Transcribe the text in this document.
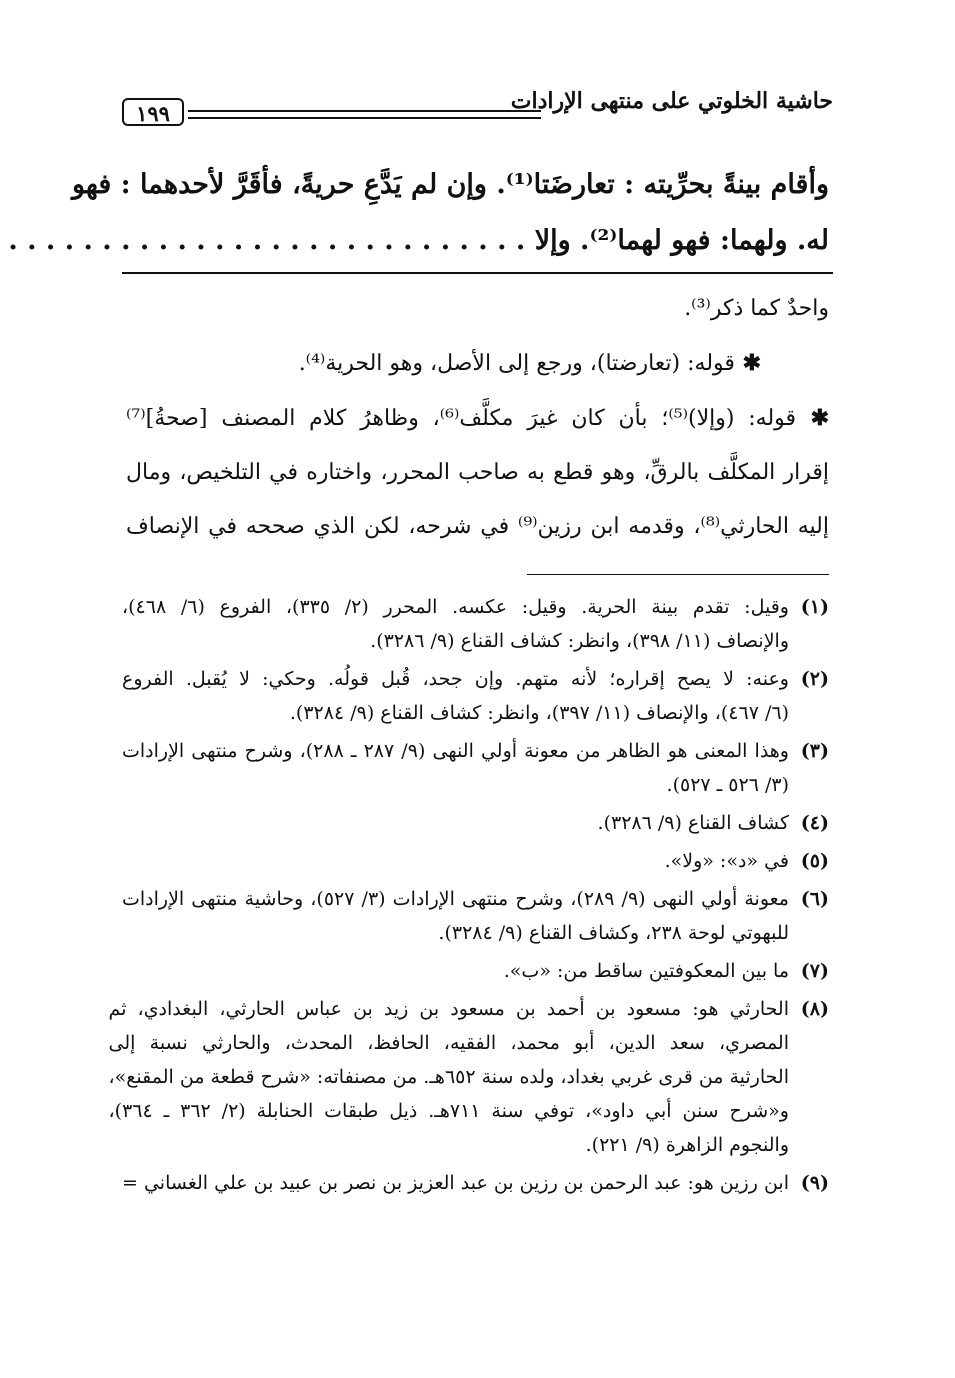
حاشية الخلوتي على منتهى الإرادات
١٩٩
وأقام بينةً بحرِّيته : تعارضَتا⁽¹⁾. وإن لم يَدَّعِ حريةً، فأقَرَّ لأحدهما : فهو
له. ولهما: فهو لهما⁽²⁾. وإلا . . . . . . . . . . . . . . . . . . . . . . . . . . . .
واحدٌ كما ذكر⁽³⁾.
✱ قوله: (تعارضتا)، ورجع إلى الأصل، وهو الحرية⁽⁴⁾.
✱ قوله: (وإلا)⁽⁵⁾؛ بأن كان غيرَ مكلَّف⁽⁶⁾، وظاهرُ كلام المصنف [صحةُ]⁽⁷⁾
إقرار المكلَّف بالرقِّ، وهو قطع به صاحب المحرر، واختاره في التلخيص، ومال
إليه الحارثي⁽⁸⁾، وقدمه ابن رزين⁽⁹⁾ في شرحه، لكن الذي صححه في الإنصاف
(١)
وقيل: تقدم بينة الحرية. وقيل: عكسه. المحرر (٢/ ٣٣٥)، الفروع (٦/ ٤٦٨)،
والإنصاف (١١/ ٣٩٨)، وانظر: كشاف القناع (٩/ ٣٢٨٦).
(٢)
وعنه: لا يصح إقراره؛ لأنه متهم. وإن جحد، قُبل قولُه. وحكي: لا يُقبل. الفروع
(٦/ ٤٦٧)، والإنصاف (١١/ ٣٩٧)، وانظر: كشاف القناع (٩/ ٣٢٨٤).
(٣)
وهذا المعنى هو الظاهر من معونة أولي النهى (٩/ ٢٨٧ ـ ٢٨٨)، وشرح منتهى الإرادات
(٣/ ٥٢٦ ـ ٥٢٧).
(٤)
كشاف القناع (٩/ ٣٢٨٦).
(٥)
في «د»: «ولا».
(٦)
معونة أولي النهى (٩/ ٢٨٩)، وشرح منتهى الإرادات (٣/ ٥٢٧)، وحاشية منتهى الإرادات
للبهوتي لوحة ٢٣٨، وكشاف القناع (٩/ ٣٢٨٤).
(٧)
ما بين المعكوفتين ساقط من: «ب».
(٨)
الحارثي هو: مسعود بن أحمد بن مسعود بن زيد بن عباس الحارثي، البغدادي، ثم
المصري، سعد الدين، أبو محمد، الفقيه، الحافظ، المحدث، والحارثي نسبة إلى
الحارثية من قرى غربي بغداد، ولده سنة ٦٥٢هـ. من مصنفاته: «شرح قطعة من المقنع»،
و«شرح سنن أبي داود»، توفي سنة ٧١١هـ. ذيل طبقات الحنابلة (٢/ ٣٦٢ ـ ٣٦٤)،
والنجوم الزاهرة (٩/ ٢٢١).
(٩)
ابن رزين هو: عبد الرحمن بن رزين بن عبد العزيز بن نصر بن عبيد بن علي الغساني =
